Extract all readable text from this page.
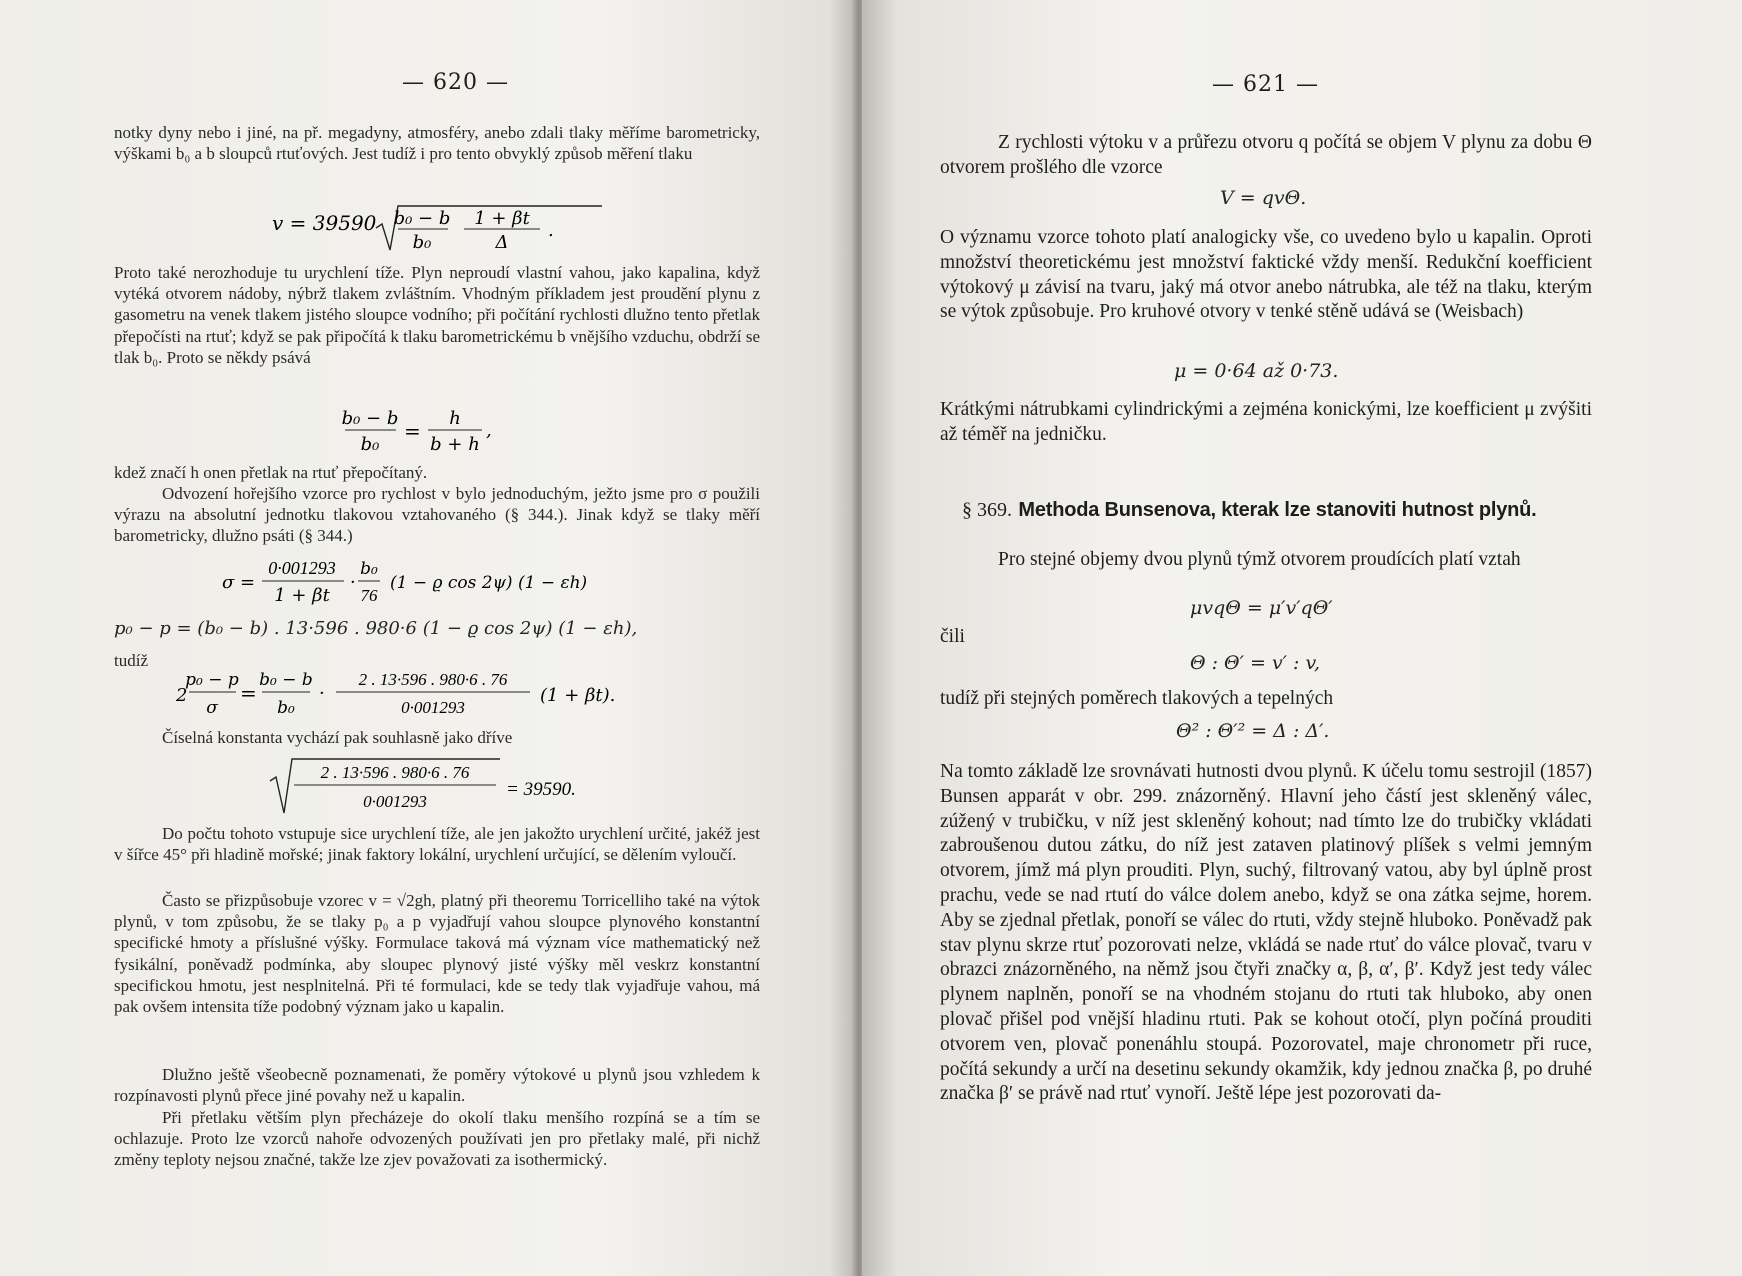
— 620 —
notky dyny nebo i jiné, na př. megadyny, atmosféry, anebo zdali tlaky měříme barometricky, výškami b₀ a b sloupců rtuťových. Jest tudíž i pro tento obvyklý způsob měření tlaku
v = 39590 b₀ − b
b₀
1 + βt
Δ
.
Proto také nerozhoduje tu urychlení tíže. Plyn neproudí vlastní vahou, jako kapalina, když vytéká otvorem nádoby, nýbrž tlakem zvláštním. Vhodným příkladem jest proudění plynu z gasometru na venek tlakem jistého sloupce vodního; při počítání rychlosti dlužno tento přetlak přepočísti na rtuť; když se pak připočítá k tlaku barometrickému b vnějšího vzduchu, obdrží se tlak b₀. Proto se někdy psává
b₀ − b
b₀
=
h
b + h
,
kdež značí h onen přetlak na rtuť přepočítaný.
Odvození hořejšího vzorce pro rychlost v bylo jednoduchým, ježto jsme pro σ použili výrazu na absolutní jednotku tlakovou vztahovaného (§ 344.). Jinak když se tlaky měří barometricky, dlužno psáti (§ 344.)
σ =
0·001293
1 + βt
·
b₀
76
(1 − ϱ cos 2ψ) (1 − εh)
p₀ − p = (b₀ − b) . 13·596 . 980·6 (1 − ϱ cos 2ψ) (1 − εh),
tudíž
2
p₀ − p
σ
=
b₀ − b
b₀
·
2 . 13·596 . 980·6 . 76
0·001293
(1 + βt).
Číselná konstanta vychází pak souhlasně jako dříve
2 . 13·596 . 980·6 . 76
0·001293
= 39590.
Do počtu tohoto vstupuje sice urychlení tíže, ale jen jakožto urychlení určité, jakéž jest v šířce 45° při hladině mořské; jinak faktory lokální, urychlení určující, se dělením vyloučí.
Často se přizpůsobuje vzorec v = √2gh, platný při theoremu Torricelliho také na výtok plynů, v tom způsobu, že se tlaky p₀ a p vyjadřují vahou sloupce plynového konstantní specifické hmoty a příslušné výšky. Formulace taková má význam více mathematický než fysikální, poněvadž podmínka, aby sloupec plynový jisté výšky měl veskrz konstantní specifickou hmotu, jest nesplnitelná. Při té formulaci, kde se tedy tlak vyjadřuje vahou, má pak ovšem intensita tíže podobný význam jako u kapalin.
Dlužno ještě všeobecně poznamenati, že poměry výtokové u plynů jsou vzhledem k rozpínavosti plynů přece jiné povahy než u kapalin.
Při přetlaku větším plyn přecházeje do okolí tlaku menšího rozpíná se a tím se ochlazuje. Proto lze vzorců nahoře odvozených používati jen pro přetlaky malé, při nichž změny teploty nejsou značné, takže lze zjev považovati za isothermický.
— 621 —
Z rychlosti výtoku v a průřezu otvoru q počítá se objem V plynu za dobu Θ otvorem prošlého dle vzorce
V = qvΘ.
O významu vzorce tohoto platí analogicky vše, co uvedeno bylo u kapalin. Oproti množství theoretickému jest množství faktické vždy menší. Redukční koefficient výtokový μ závisí na tvaru, jaký má otvor anebo nátrubka, ale též na tlaku, kterým se výtok způsobuje. Pro kruhové otvory v tenké stěně udává se (Weisbach)
μ = 0·64 až 0·73.
Krátkými nátrubkami cylindrickými a zejména konickými, lze koefficient μ zvýšiti až téměř na jedničku.
§ 369. Methoda Bunsenova, kterak lze stanoviti hutnost plynů.
Pro stejné objemy dvou plynů týmž otvorem proudících platí vztah
μvqΘ = μ′v′qΘ′
čili
Θ : Θ′ = v′ : v,
tudíž při stejných poměrech tlakových a tepelných
Θ² : Θ′² = Δ : Δ′.
Na tomto základě lze srovnávati hutnosti dvou plynů. K účelu tomu sestrojil (1857) Bunsen apparát v obr. 299. znázorněný. Hlavní jeho částí jest skleněný válec, zúžený v trubičku, v níž jest skleněný kohout; nad tímto lze do trubičky vkládati zabroušenou dutou zátku, do níž jest zataven platinový plíšek s velmi jemným otvorem, jímž má plyn prouditi. Plyn, suchý, filtrovaný vatou, aby byl úplně prost prachu, vede se nad rtutí do válce dolem anebo, když se ona zátka sejme, horem. Aby se zjednal přetlak, ponoří se válec do rtuti, vždy stejně hluboko. Poněvadž pak stav plynu skrze rtuť pozorovati nelze, vkládá se nade rtuť do válce plovač, tvaru v obrazci znázorněného, na němž jsou čtyři značky α, β, α′, β′. Když jest tedy válec plynem naplněn, ponoří se na vhodném stojanu do rtuti tak hluboko, aby onen plovač přišel pod vnější hladinu rtuti. Pak se kohout otočí, plyn počíná prouditi otvorem ven, plovač ponenáhlu stoupá. Pozorovatel, maje chronometr při ruce, počítá sekundy a určí na desetinu sekundy okamžik, kdy jednou značka β, po druhé značka β′ se právě nad rtuť vynoří. Ještě lépe jest pozorovati da-
